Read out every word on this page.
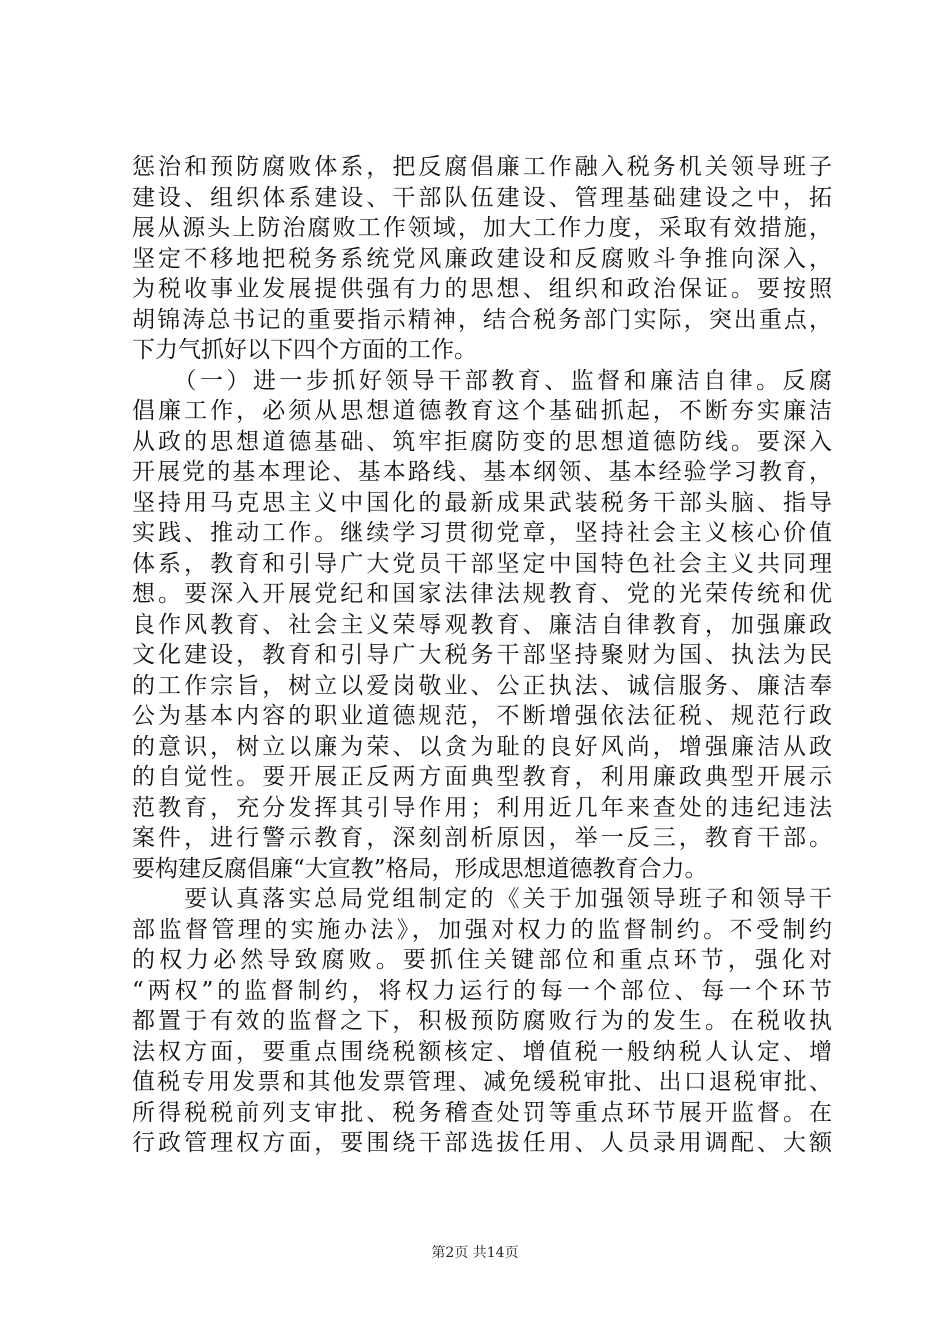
惩治和预防腐败体系，把反腐倡廉工作融入税务机关领导班子
建设、组织体系建设、干部队伍建设、管理基础建设之中，拓
展从源头上防治腐败工作领域，加大工作力度，采取有效措施，
坚定不移地把税务系统党风廉政建设和反腐败斗争推向深入，
为税收事业发展提供强有力的思想、组织和政治保证。要按照
胡锦涛总书记的重要指示精神，结合税务部门实际，突出重点，
下力气抓好以下四个方面的工作。
　　（一）进一步抓好领导干部教育、监督和廉洁自律。反腐
倡廉工作，必须从思想道德教育这个基础抓起，不断夯实廉洁
从政的思想道德基础、筑牢拒腐防变的思想道德防线。要深入
开展党的基本理论、基本路线、基本纲领、基本经验学习教育，
坚持用马克思主义中国化的最新成果武装税务干部头脑、指导
实践、推动工作。继续学习贯彻党章，坚持社会主义核心价值
体系，教育和引导广大党员干部坚定中国特色社会主义共同理
想。要深入开展党纪和国家法律法规教育、党的光荣传统和优
良作风教育、社会主义荣辱观教育、廉洁自律教育，加强廉政
文化建设，教育和引导广大税务干部坚持聚财为国、执法为民
的工作宗旨，树立以爱岗敬业、公正执法、诚信服务、廉洁奉
公为基本内容的职业道德规范，不断增强依法征税、规范行政
的意识，树立以廉为荣、以贪为耻的良好风尚，增强廉洁从政
的自觉性。要开展正反两方面典型教育，利用廉政典型开展示
范教育，充分发挥其引导作用；利用近几年来查处的违纪违法
案件，进行警示教育，深刻剖析原因，举一反三，教育干部。
要构建反腐倡廉“大宣教”格局，形成思想道德教育合力。
　　要认真落实总局党组制定的《关于加强领导班子和领导干
部监督管理的实施办法》，加强对权力的监督制约。不受制约
的权力必然导致腐败。要抓住关键部位和重点环节，强化对
“两权”的监督制约，将权力运行的每一个部位、每一个环节
都置于有效的监督之下，积极预防腐败行为的发生。在税收执
法权方面，要重点围绕税额核定、增值税一般纳税人认定、增
值税专用发票和其他发票管理、减免缓税审批、出口退税审批、
所得税税前列支审批、税务稽查处罚等重点环节展开监督。在
行政管理权方面，要围绕干部选拔任用、人员录用调配、大额
第2页 共14页
